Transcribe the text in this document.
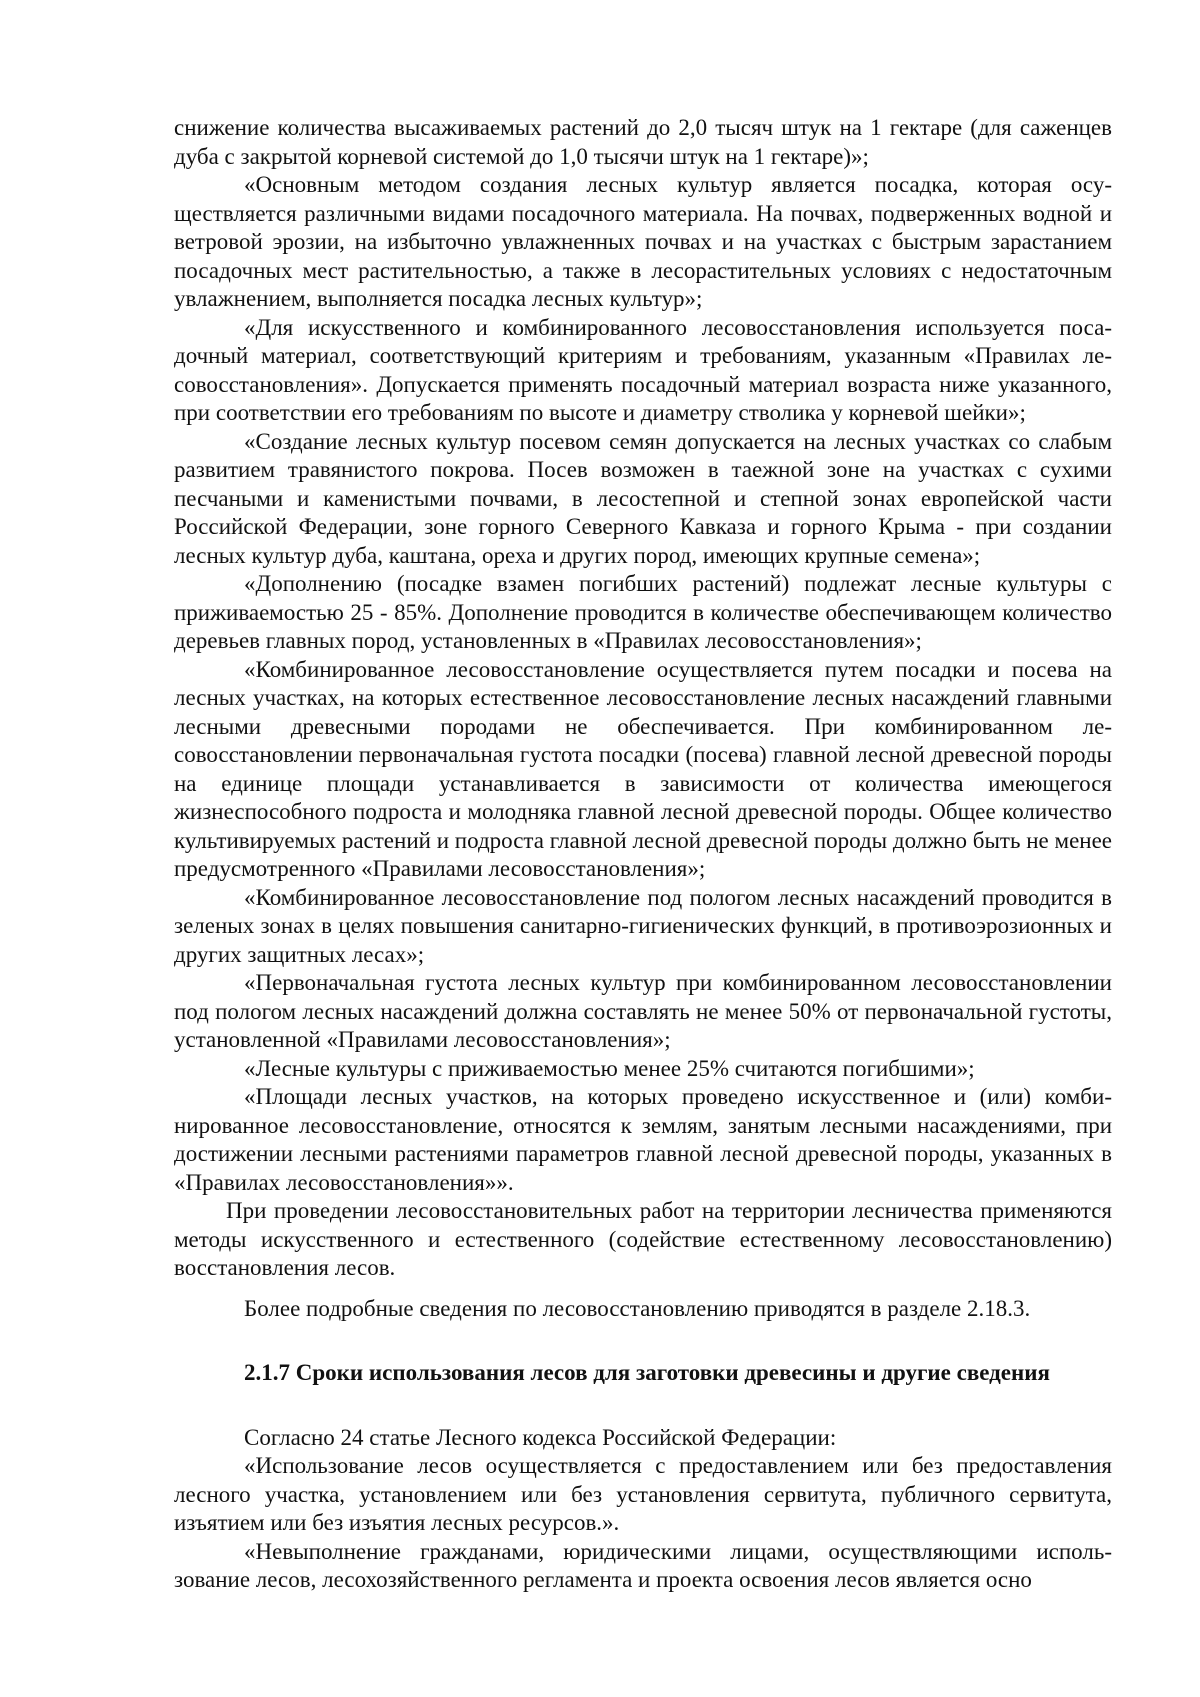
снижение количества высаживаемых растений до 2,0 тысяч штук на 1 гектаре (для саженцев дуба с закрытой корневой системой до 1,0 тысячи штук на 1 гектаре)»;

«Основным методом создания лесных культур является посадка, которая осуществляется различными видами посадочного материала. На почвах, подверженных водной и ветровой эрозии, на избыточно увлажненных почвах и на участках с быстрым зарастанием посадочных мест растительностью, а также в лесорастительных условиях с недостаточным увлажнением, выполняется посадка лесных культур»;

«Для искусственного и комбинированного лесовосстановления используется посадочный материал, соответствующий критериям и требованиям, указанным «Правилах лесовосстановления». Допускается применять посадочный материал возраста ниже указанного, при соответствии его требованиям по высоте и диаметру стволика у корневой шейки»;

«Создание лесных культур посевом семян допускается на лесных участках со слабым развитием травянистого покрова. Посев возможен в таежной зоне на участках с сухими песчаными и каменистыми почвами, в лесостепной и степной зонах европейской части Российской Федерации, зоне горного Северного Кавказа и горного Крыма - при создании лесных культур дуба, каштана, ореха и других пород, имеющих крупные семена»;

«Дополнению (посадке взамен погибших растений) подлежат лесные культуры с приживаемостью 25 - 85%. Дополнение проводится в количестве обеспечивающем количество деревьев главных пород, установленных в «Правилах лесовосстановления»;

«Комбинированное лесовосстановление осуществляется путем посадки и посева на лесных участках, на которых естественное лесовосстановление лесных насаждений главными лесными древесными породами не обеспечивается. При комбинированном лесовосстановлении первоначальная густота посадки (посева) главной лесной древесной породы на единице площади устанавливается в зависимости от количества имеющегося жизнеспособного подроста и молодняка главной лесной древесной породы. Общее количество культивируемых растений и подроста главной лесной древесной породы должно быть не менее предусмотренного «Правилами лесовосстановления»;

«Комбинированное лесовосстановление под пологом лесных насаждений проводится в зеленых зонах в целях повышения санитарно-гигиенических функций, в противоэрозионных и других защитных лесах»;

«Первоначальная густота лесных культур при комбинированном лесовосстановлении под пологом лесных насаждений должна составлять не менее 50% от первоначальной густоты, установленной «Правилами лесовосстановления»;

«Лесные культуры с приживаемостью менее 25% считаются погибшими»;

«Площади лесных участков, на которых проведено искусственное и (или) комбинированное лесовосстановление, относятся к землям, занятым лесными насаждениями, при достижении лесными растениями параметров главной лесной древесной породы, указанных в «Правилах лесовосстановления»».

При проведении лесовосстановительных работ на территории лесничества применяются методы искусственного и естественного (содействие естественному лесовосстановлению) восстановления лесов.

Более подробные сведения по лесовосстановлению приводятся в разделе 2.18.3.

2.1.7 Сроки использования лесов для заготовки древесины и другие сведения

Согласно 24 статье Лесного кодекса Российской Федерации:

«Использование лесов осуществляется с предоставлением или без предоставления лесного участка, установлением или без установления сервитута, публичного сервитута, изъятием или без изъятия лесных ресурсов.».

«Невыполнение гражданами, юридическими лицами, осуществляющими использование лесов, лесохозяйственного регламента и проекта освоения лесов является осно
